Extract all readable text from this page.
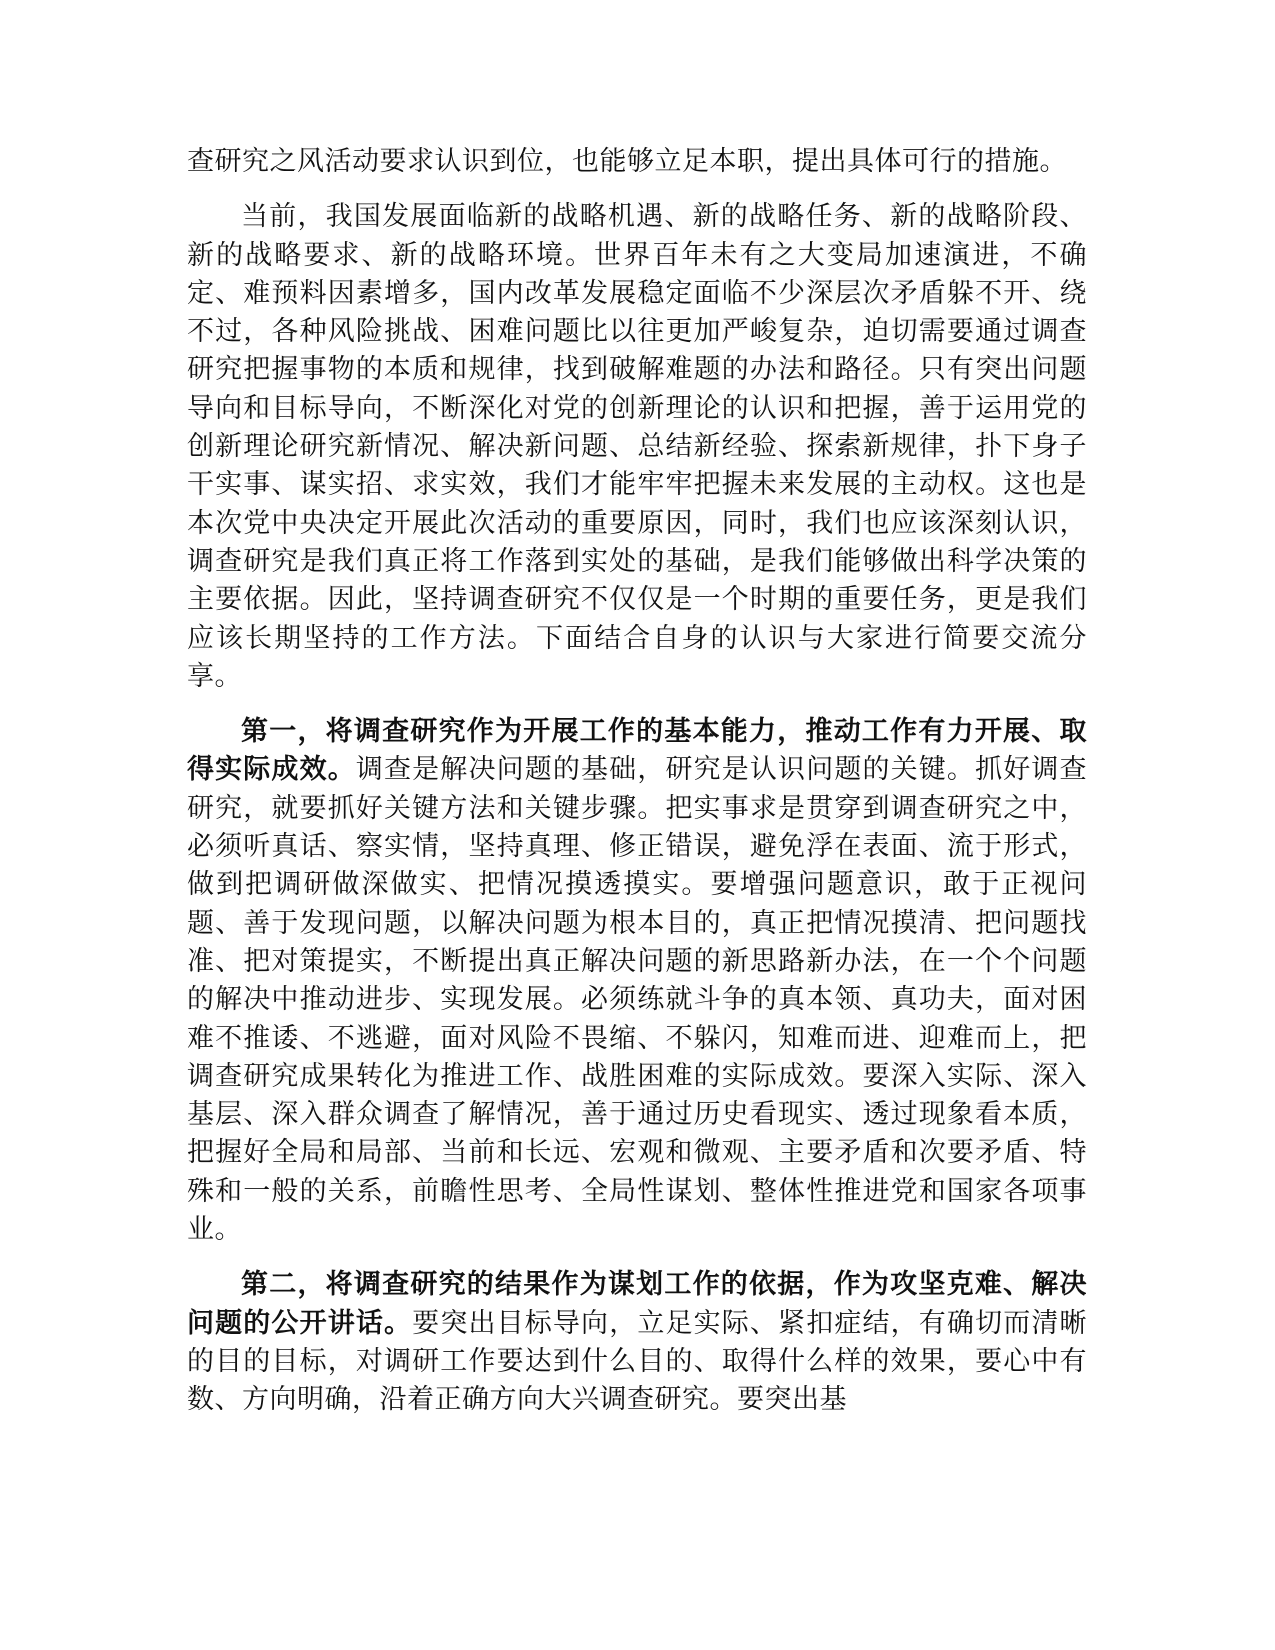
查研究之风活动要求认识到位，也能够立足本职，提出具体可行的措施。

当前，我国发展面临新的战略机遇、新的战略任务、新的战略阶段、新的战略要求、新的战略环境。世界百年未有之大变局加速演进，不确定、难预料因素增多，国内改革发展稳定面临不少深层次矛盾躲不开、绕不过，各种风险挑战、困难问题比以往更加严峻复杂，迫切需要通过调查研究把握事物的本质和规律，找到破解难题的办法和路径。只有突出问题导向和目标导向，不断深化对党的创新理论的认识和把握，善于运用党的创新理论研究新情况、解决新问题、总结新经验、探索新规律，扑下身子干实事、谋实招、求实效，我们才能牢牢把握未来发展的主动权。这也是本次党中央决定开展此次活动的重要原因，同时，我们也应该深刻认识，调查研究是我们真正将工作落到实处的基础，是我们能够做出科学决策的主要依据。因此，坚持调查研究不仅仅是一个时期的重要任务，更是我们应该长期坚持的工作方法。下面结合自身的认识与大家进行简要交流分享。

第一，将调查研究作为开展工作的基本能力，推动工作有力开展、取得实际成效。调查是解决问题的基础，研究是认识问题的关键。抓好调查研究，就要抓好关键方法和关键步骤。把实事求是贯穿到调查研究之中，必须听真话、察实情，坚持真理、修正错误，避免浮在表面、流于形式，做到把调研做深做实、把情况摸透摸实。要增强问题意识，敢于正视问题、善于发现问题，以解决问题为根本目的，真正把情况摸清、把问题找准、把对策提实，不断提出真正解决问题的新思路新办法，在一个个问题的解决中推动进步、实现发展。必须练就斗争的真本领、真功夫，面对困难不推诿、不逃避，面对风险不畏缩、不躲闪，知难而进、迎难而上，把调查研究成果转化为推进工作、战胜困难的实际成效。要深入实际、深入基层、深入群众调查了解情况，善于通过历史看现实、透过现象看本质，把握好全局和局部、当前和长远、宏观和微观、主要矛盾和次要矛盾、特殊和一般的关系，前瞻性思考、全局性谋划、整体性推进党和国家各项事业。

第二，将调查研究的结果作为谋划工作的依据，作为攻坚克难、解决问题的公开讲话。要突出目标导向，立足实际、紧扣症结，有确切而清晰的目的目标，对调研工作要达到什么目的、取得什么样的效果，要心中有数、方向明确，沿着正确方向大兴调查研究。要突出基
